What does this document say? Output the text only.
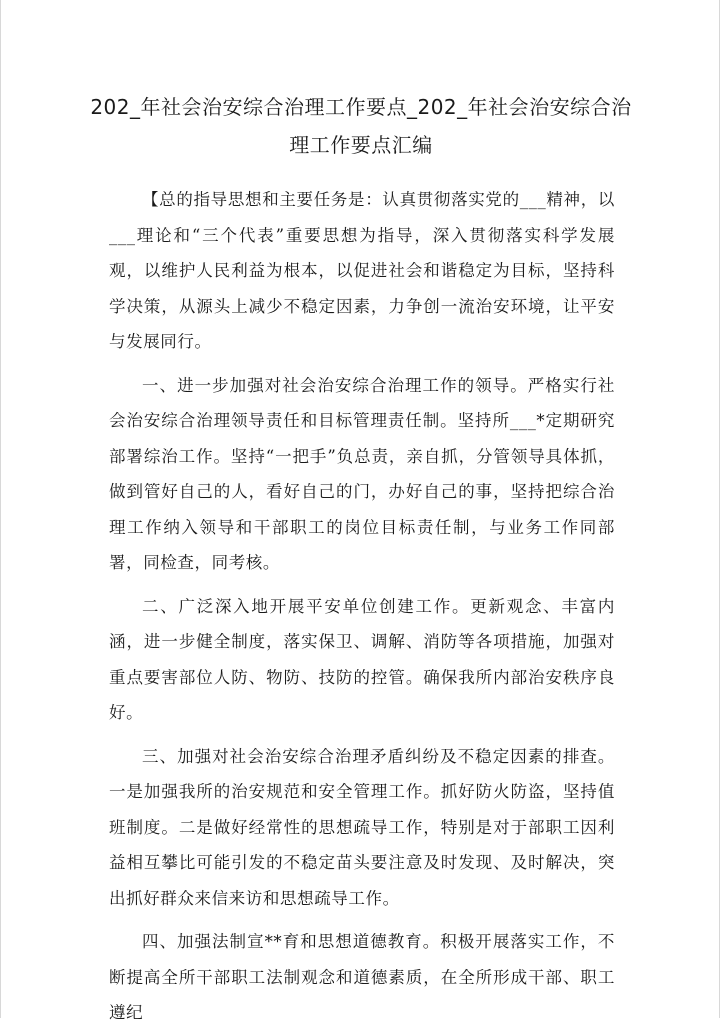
202_年社会治安综合治理工作要点_202_年社会治安综合治理工作要点汇编

【总的指导思想和主要任务是：认真贯彻落实党的___精神，以___理论和“三个代表”重要思想为指导，深入贯彻落实科学发展观，以维护人民利益为根本，以促进社会和谐稳定为目标，坚持科学决策，从源头上减少不稳定因素，力争创一流治安环境，让平安与发展同行。

一、进一步加强对社会治安综合治理工作的领导。严格实行社会治安综合治理领导责任和目标管理责任制。坚持所___*定期研究部署综治工作。坚持“一把手”负总责，亲自抓，分管领导具体抓，做到管好自己的人，看好自己的门，办好自己的事，坚持把综合治理工作纳入领导和干部职工的岗位目标责任制，与业务工作同部署，同检查，同考核。

二、广泛深入地开展平安单位创建工作。更新观念、丰富内涵，进一步健全制度，落实保卫、调解、消防等各项措施，加强对重点要害部位人防、物防、技防的控管。确保我所内部治安秩序良好。

三、加强对社会治安综合治理矛盾纠纷及不稳定因素的排查。一是加强我所的治安规范和安全管理工作。抓好防火防盗，坚持值班制度。二是做好经常性的思想疏导工作，特别是对于部职工因利益相互攀比可能引发的不稳定苗头要注意及时发现、及时解决，突出抓好群众来信来访和思想疏导工作。

四、加强法制宣**育和思想道德教育。积极开展落实工作，不断提高全所干部职工法制观念和道德素质，在全所形成干部、职工遵纪
